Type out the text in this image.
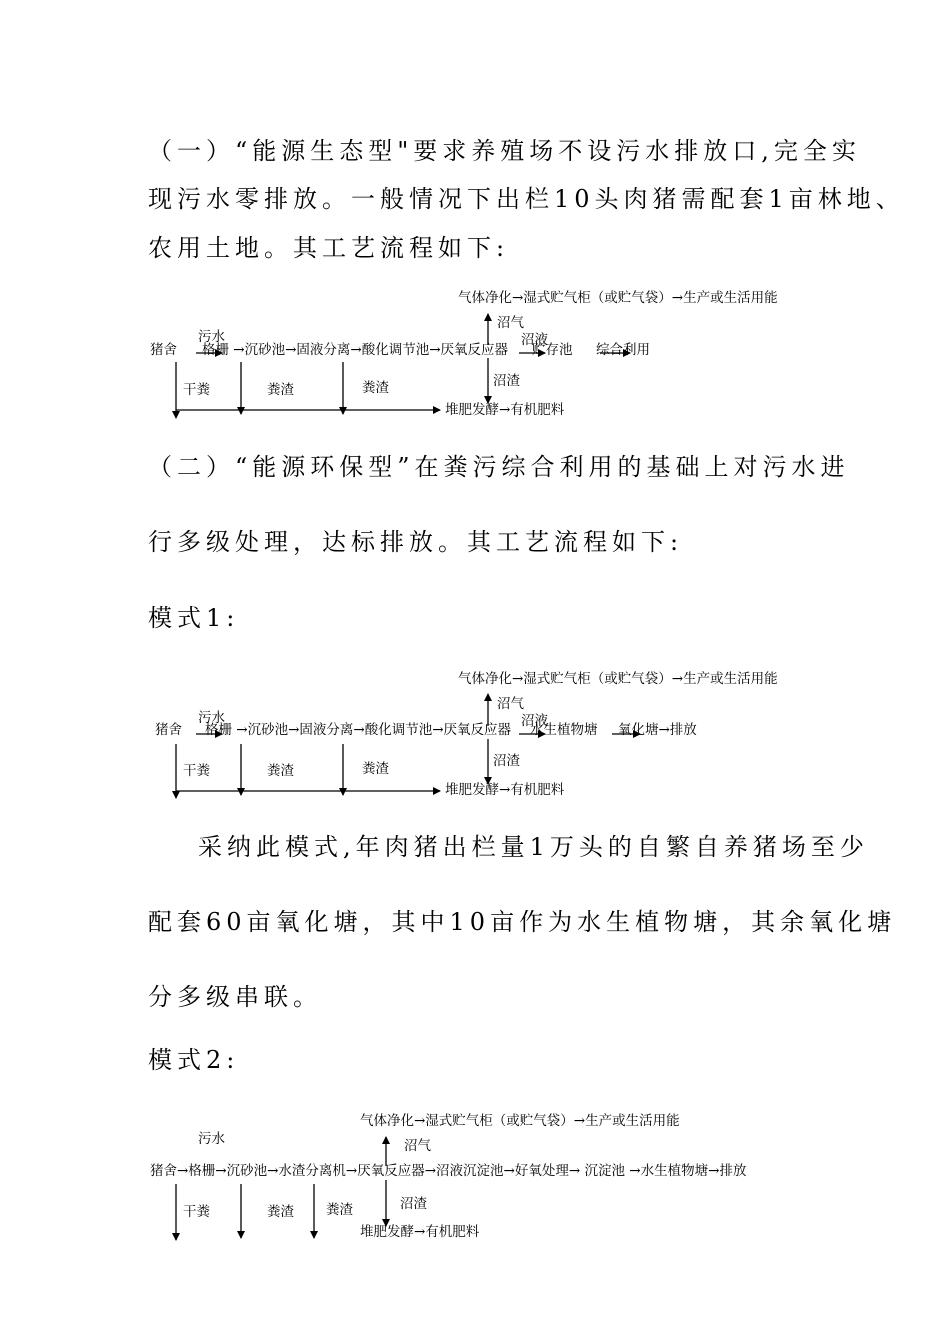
（一）“能源生态型"要求养殖场不设污水排放口,完全实
现污水零排放。一般情况下出栏10头肉猪需配套1亩林地、
农用土地。其工艺流程如下:
气体净化→湿式贮气柜（或贮气袋）→生产或生活用能
沼气
污水	沼液
猪舍 格栅 →沉砂池→固液分离→酸化调节池→厌氧反应器 贮存池 综合利用
干粪	粪渣	粪渣	沼渣
堆肥发酵→有机肥料
（二）“能源环保型”在粪污综合利用的基础上对污水进
行多级处理，达标排放。其工艺流程如下:
模式1:
气体净化→湿式贮气柜（或贮气袋）→生产或生活用能
沼气
污水	沼液
猪舍 格栅 →沉砂池→固液分离→酸化调节池→厌氧反应器 水生植物塘 氧化塘→排放
干粪	粪渣	粪渣	沼渣
堆肥发酵→有机肥料
采纳此模式,年肉猪出栏量1万头的自繁自养猪场至少
配套60亩氧化塘，其中10亩作为水生植物塘，其余氧化塘
分多级串联。
模式2:
气体净化→湿式贮气柜（或贮气袋）→生产或生活用能
污水	沼气
猪舍→格栅→沉砂池→水渣分离机→厌氧反应器→沼液沉淀池→好氧处理→ 沉淀池 →水生植物塘→排放
沼渣
干粪	粪渣 粪渣
堆肥发酵→有机肥料
